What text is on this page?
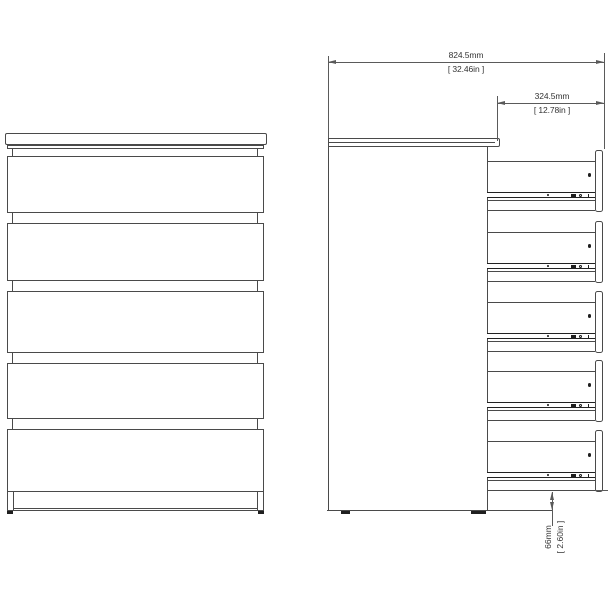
824.5mm
[ 32.46in ]
324.5mm
[ 12.78in ]
66mm [ 2.60in ]
